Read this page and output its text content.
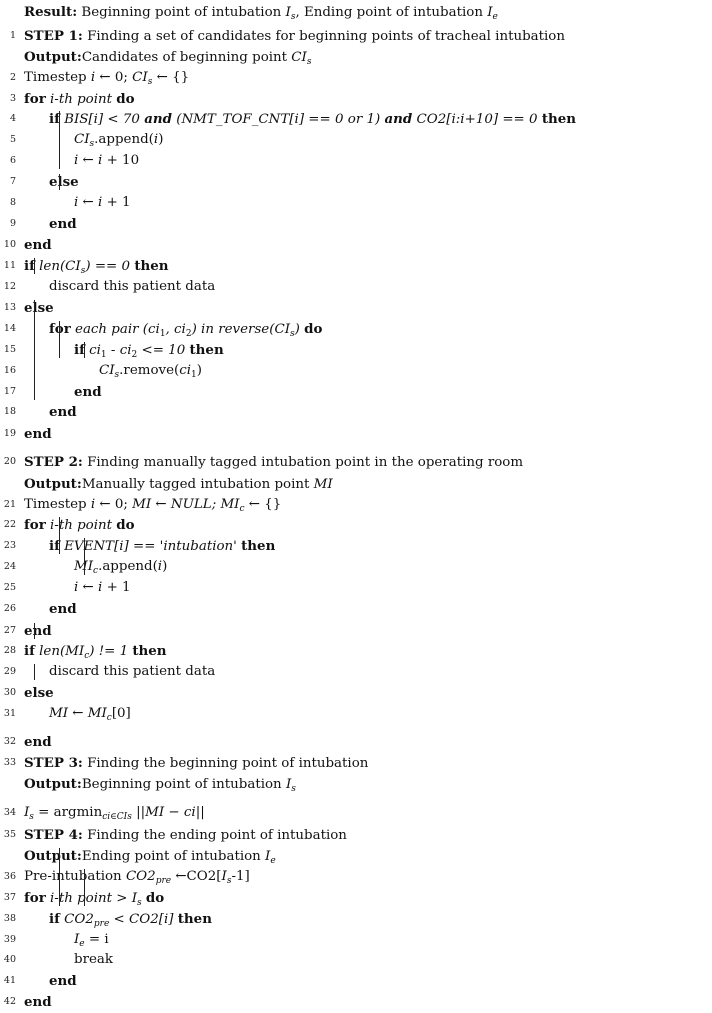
Result: Beginning point of intubation $I_s$, Ending point of intubation $I_e$
1 STEP 1: Finding a set of candidates for beginning points of tracheal intubation
Output:Candidates of beginning point $CI_s$
2 Timestep i ← 0; $CI_s$ ← {}
3 for i-th point do
4 if BIS[i] < 70 and (NMT_TOF_CNT[i] == 0 or 1) and CO2[i:i+10] == 0 then
5	$CI_s.append(i)$
6	i ← i + 10
7 else
8	i ← i + 1
9 end
10 end
11 if $len(CI_s) == 0$ then
12 discard this patient data
13 else
14 for each pair ($ci_1$, $ci_2$) in $reverse(CI_s)$ do
15	if $ci_1 - ci_2 <= 10$ then
16	$CI_s.remove(ci_1)$
17	end
18 end
19 end
20 STEP 2: Finding manually tagged intubation point in the operating room
Output:Manually tagged intubation point MI
21 Timestep i ← 0; MI ← NULL; $MI_c$ ← {}
22 for i-th point do
23 if EVENT[i] == 'intubation' then
24	$MI_c.append(i)$
25	i ← i + 1
26 end
27 end
28 if $len(MI_c)$ != 1 then
29 discard this patient data
30 else
31 MI ← $MI_c[0]$
32 end
33 STEP 3: Finding the beginning point of intubation
Output:Beginning point of intubation $I_s$
34 $I_s = argmin_{ci\in CIs}$ ||MI − ci||
35 STEP 4: Finding the ending point of intubation
Output:Ending point of intubation $I_e$
36 Pre-intubation $CO2_{pre}$ $\leftarrow CO2[I_s-1]$
37 for i-th point > $I_s$ do
38 if $CO2_{pre} < CO2[i]$ then
39	$I_e = i$
40	break
41 end
42 end
